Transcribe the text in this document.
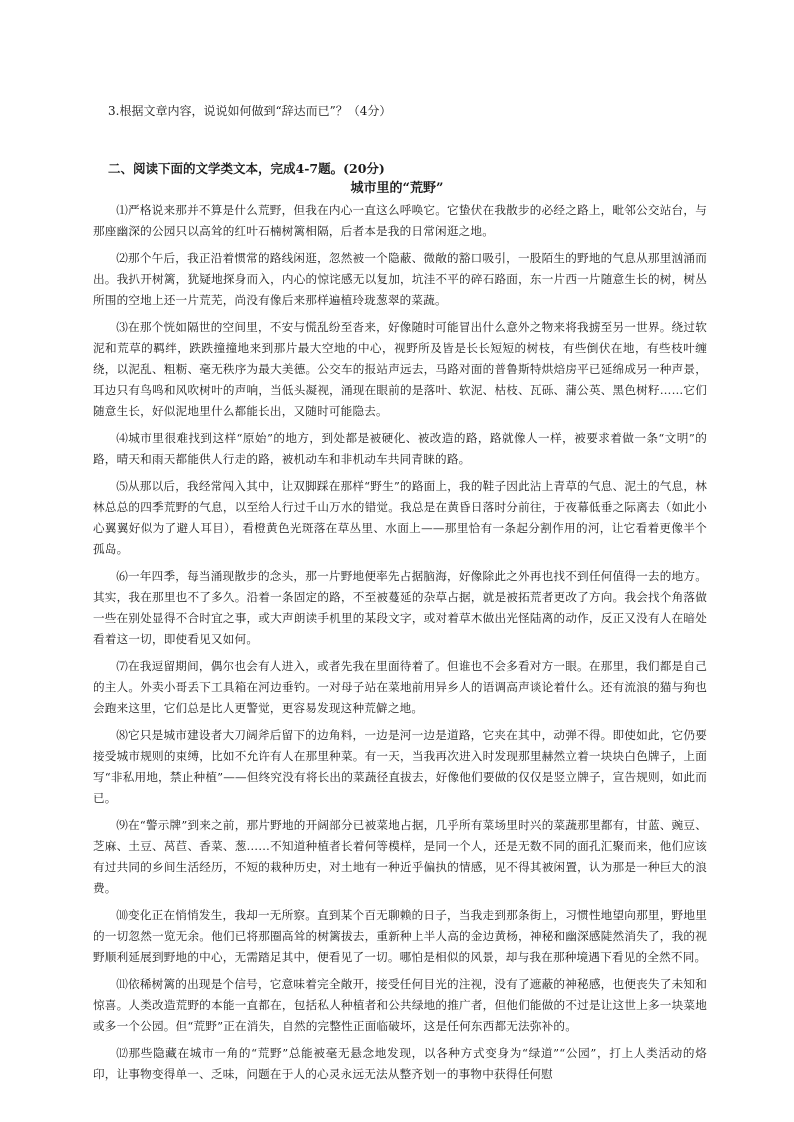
3.根据文章内容，说说如何做到“辞达而已”？（4分）
二、阅读下面的文学类文本，完成4-7题。(20分)
城市里的“荒野”

⑴严格说来那并不算是什么荒野，但我在内心一直这么呼唤它。它蛰伏在我散步的必经之路上，毗邻公交站台，与那座幽深的公园只以高耸的红叶石楠树篱相隔，后者本是我的日常闲逛之地。

⑵那个午后，我正沿着惯常的路线闲逛，忽然被一个隐蔽、微敞的豁口吸引，一股陌生的野地的气息从那里汹涌而出。我扒开树篱，犹疑地探身而入，内心的惊诧感无以复加，坑洼不平的碎石路面，东一片西一片随意生长的树，树丛所围的空地上还一片荒芜，尚没有像后来那样遍植玲珑葱翠的菜蔬。

⑶在那个恍如隔世的空间里，不安与慌乱纷至沓来，好像随时可能冒出什么意外之物来将我掳至另一世界。绕过软泥和荒草的羁绊，跌跌撞撞地来到那片最大空地的中心，视野所及皆是长长短短的树枝，有些倒伏在地，有些枝叶缠绕，以泥乱、粗粝、毫无秩序为最大美德。公交车的报站声远去，马路对面的普鲁斯特烘焙房平已延绵成另一种声景，耳边只有鸟鸣和风吹树叶的声响，当低头凝视，涌现在眼前的是落叶、软泥、枯枝、瓦砾、蒲公英、黑色树籽……它们随意生长，好似泥地里什么都能长出，又随时可能隐去。

⑷城市里很难找到这样“原始”的地方，到处都是被硬化、被改造的路，路就像人一样，被要求着做一条“文明”的路，晴天和雨天都能供人行走的路，被机动车和非机动车共同青睐的路。

⑸从那以后，我经常闯入其中，让双脚踩在那样“野生”的路面上，我的鞋子因此沾上青草的气息、泥土的气息，林林总总的四季荒野的气息，以至给人行过千山万水的错觉。我总是在黄昏日落时分前往，于夜幕低垂之际离去（如此小心翼翼好似为了避人耳目），看橙黄色光斑落在草丛里、水面上——那里恰有一条起分割作用的河，让它看着更像半个孤岛。

⑹一年四季，每当涌现散步的念头，那一片野地便率先占据脑海，好像除此之外再也找不到任何值得一去的地方。其实，我在那里也不了多久。沿着一条固定的路，不至被蔓延的杂草占据，就是被拓荒者更改了方向。我会找个角落做一些在别处显得不合时宜之事，或大声朗读手机里的某段文字，或对着草木做出光怪陆离的动作，反正又没有人在暗处看着这一切，即使看见又如何。

⑺在我逗留期间，偶尔也会有人进入，或者先我在里面待着了。但谁也不会多看对方一眼。在那里，我们都是自己的主人。外卖小哥丢下工具箱在河边垂钓。一对母子站在菜地前用异乡人的语调高声谈论着什么。还有流浪的猫与狗也会跑来这里，它们总是比人更警觉，更容易发现这种荒僻之地。

⑻它只是城市建设者大刀阔斧后留下的边角料，一边是河一边是道路，它夹在其中，动弹不得。即使如此，它仍要接受城市规则的束缚，比如不允许有人在那里种菜。有一天，当我再次进入时发现那里赫然立着一块块白色牌子，上面写“非私用地，禁止种植”——但终究没有将长出的菜蔬径直拔去，好像他们要做的仅仅是竖立牌子，宣告规则，如此而已。

⑼在“警示牌”到来之前，那片野地的开阔部分已被菜地占据，几乎所有菜场里时兴的菜蔬那里都有，甘蓝、豌豆、芝麻、土豆、莴苣、香菜、葱……不知道种植者长着何等模样，是同一个人，还是无数不同的面孔汇聚而来，他们应该有过共同的乡间生活经历，不短的栽种历史，对土地有一种近乎偏执的情感，见不得其被闲置，认为那是一种巨大的浪费。

⑽变化正在悄悄发生，我却一无所察。直到某个百无聊赖的日子，当我走到那条街上，习惯性地望向那里，野地里的一切忽然一览无余。他们已将那圈高耸的树篱拔去，重新种上半人高的金边黄杨，神秘和幽深感陡然消失了，我的视野顺利延展到野地的中心，无需踏足其中，便看见了一切。哪怕是相似的风景，却与我在那种境遇下看见的全然不同。

⑾依稀树篱的出现是个信号，它意味着完全敞开，接受任何目光的注视，没有了遮蔽的神秘感，也便丧失了未知和惊喜。人类改造荒野的本能一直都在，包括私人种植者和公共绿地的推广者，但他们能做的不过是让这世上多一块菜地或多一个公园。但“荒野”正在消失，自然的完整性正面临破坏，这是任何东西都无法弥补的。

⑿那些隐藏在城市一角的“荒野”总能被毫无悬念地发现，以各种方式变身为“绿道”“公园”，打上人类活动的烙印，让事物变得单一、乏味，问题在于人的心灵永远无法从整齐划一的事物中获得任何慰
